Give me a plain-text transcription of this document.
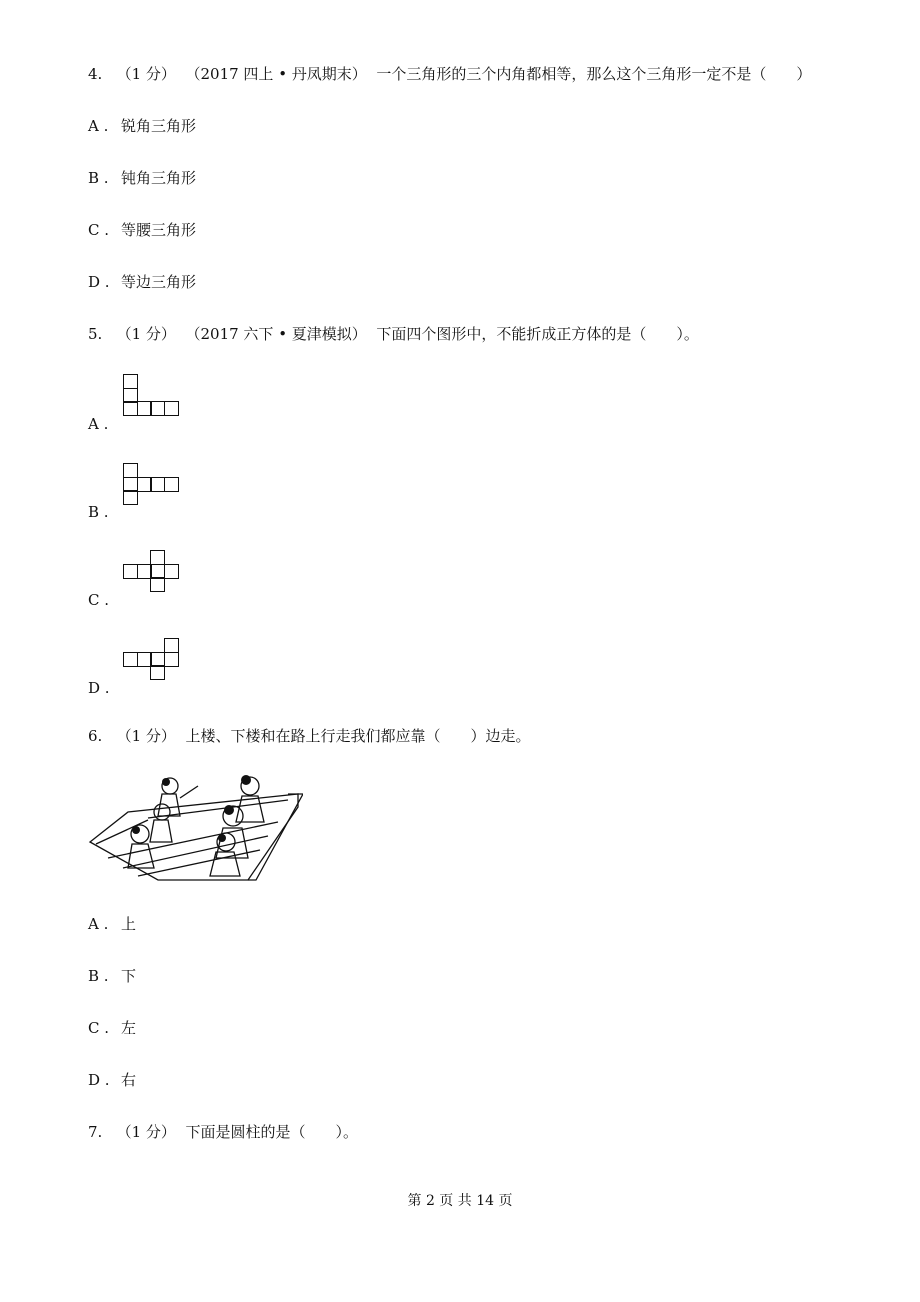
4. （1 分） （2017 四上 • 丹凤期末） 一个三角形的三个内角都相等，那么这个三角形一定不是（　　）
A . 锐角三角形
B . 钝角三角形
C . 等腰三角形
D . 等边三角形
5. （1 分） （2017 六下 • 夏津模拟） 下面四个图形中，不能折成正方体的是（　　）。
A .
B .
C .
D .
6. （1 分） 上楼、下楼和在路上行走我们都应靠（　　）边走。
A . 上
B . 下
C . 左
D . 右
7. （1 分） 下面是圆柱的是（　　）。
第 2 页 共 14 页
